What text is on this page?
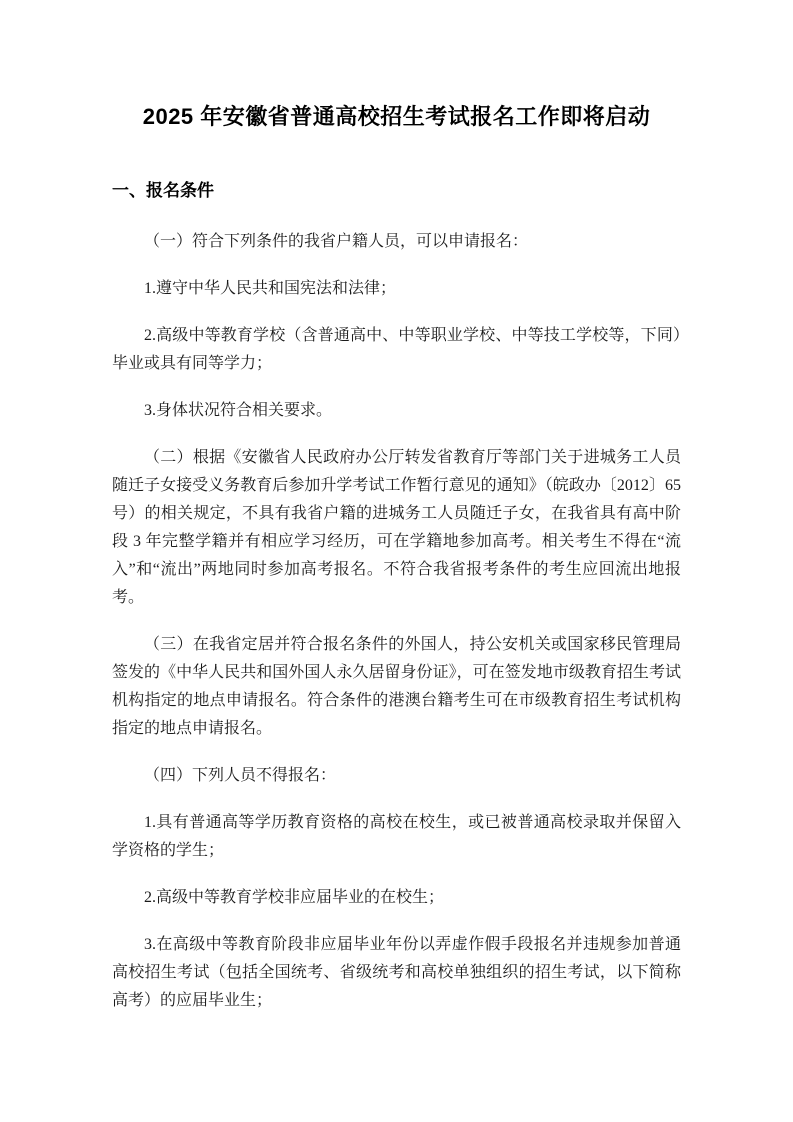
2025 年安徽省普通高校招生考试报名工作即将启动
一、报名条件

（一）符合下列条件的我省户籍人员，可以申请报名：

1.遵守中华人民共和国宪法和法律；

2.高级中等教育学校（含普通高中、中等职业学校、中等技工学校等，下同）毕业或具有同等学力；

3.身体状况符合相关要求。

（二）根据《安徽省人民政府办公厅转发省教育厅等部门关于进城务工人员随迁子女接受义务教育后参加升学考试工作暂行意见的通知》（皖政办〔2012〕65 号）的相关规定，不具有我省户籍的进城务工人员随迁子女，在我省具有高中阶段 3 年完整学籍并有相应学习经历，可在学籍地参加高考。相关考生不得在“流入”和“流出”两地同时参加高考报名。不符合我省报考条件的考生应回流出地报考。

（三）在我省定居并符合报名条件的外国人，持公安机关或国家移民管理局签发的《中华人民共和国外国人永久居留身份证》，可在签发地市级教育招生考试机构指定的地点申请报名。符合条件的港澳台籍考生可在市级教育招生考试机构指定的地点申请报名。

（四）下列人员不得报名：

1.具有普通高等学历教育资格的高校在校生，或已被普通高校录取并保留入学资格的学生；

2.高级中等教育学校非应届毕业的在校生；

3.在高级中等教育阶段非应届毕业年份以弄虚作假手段报名并违规参加普通高校招生考试（包括全国统考、省级统考和高校单独组织的招生考试，以下简称高考）的应届毕业生；
